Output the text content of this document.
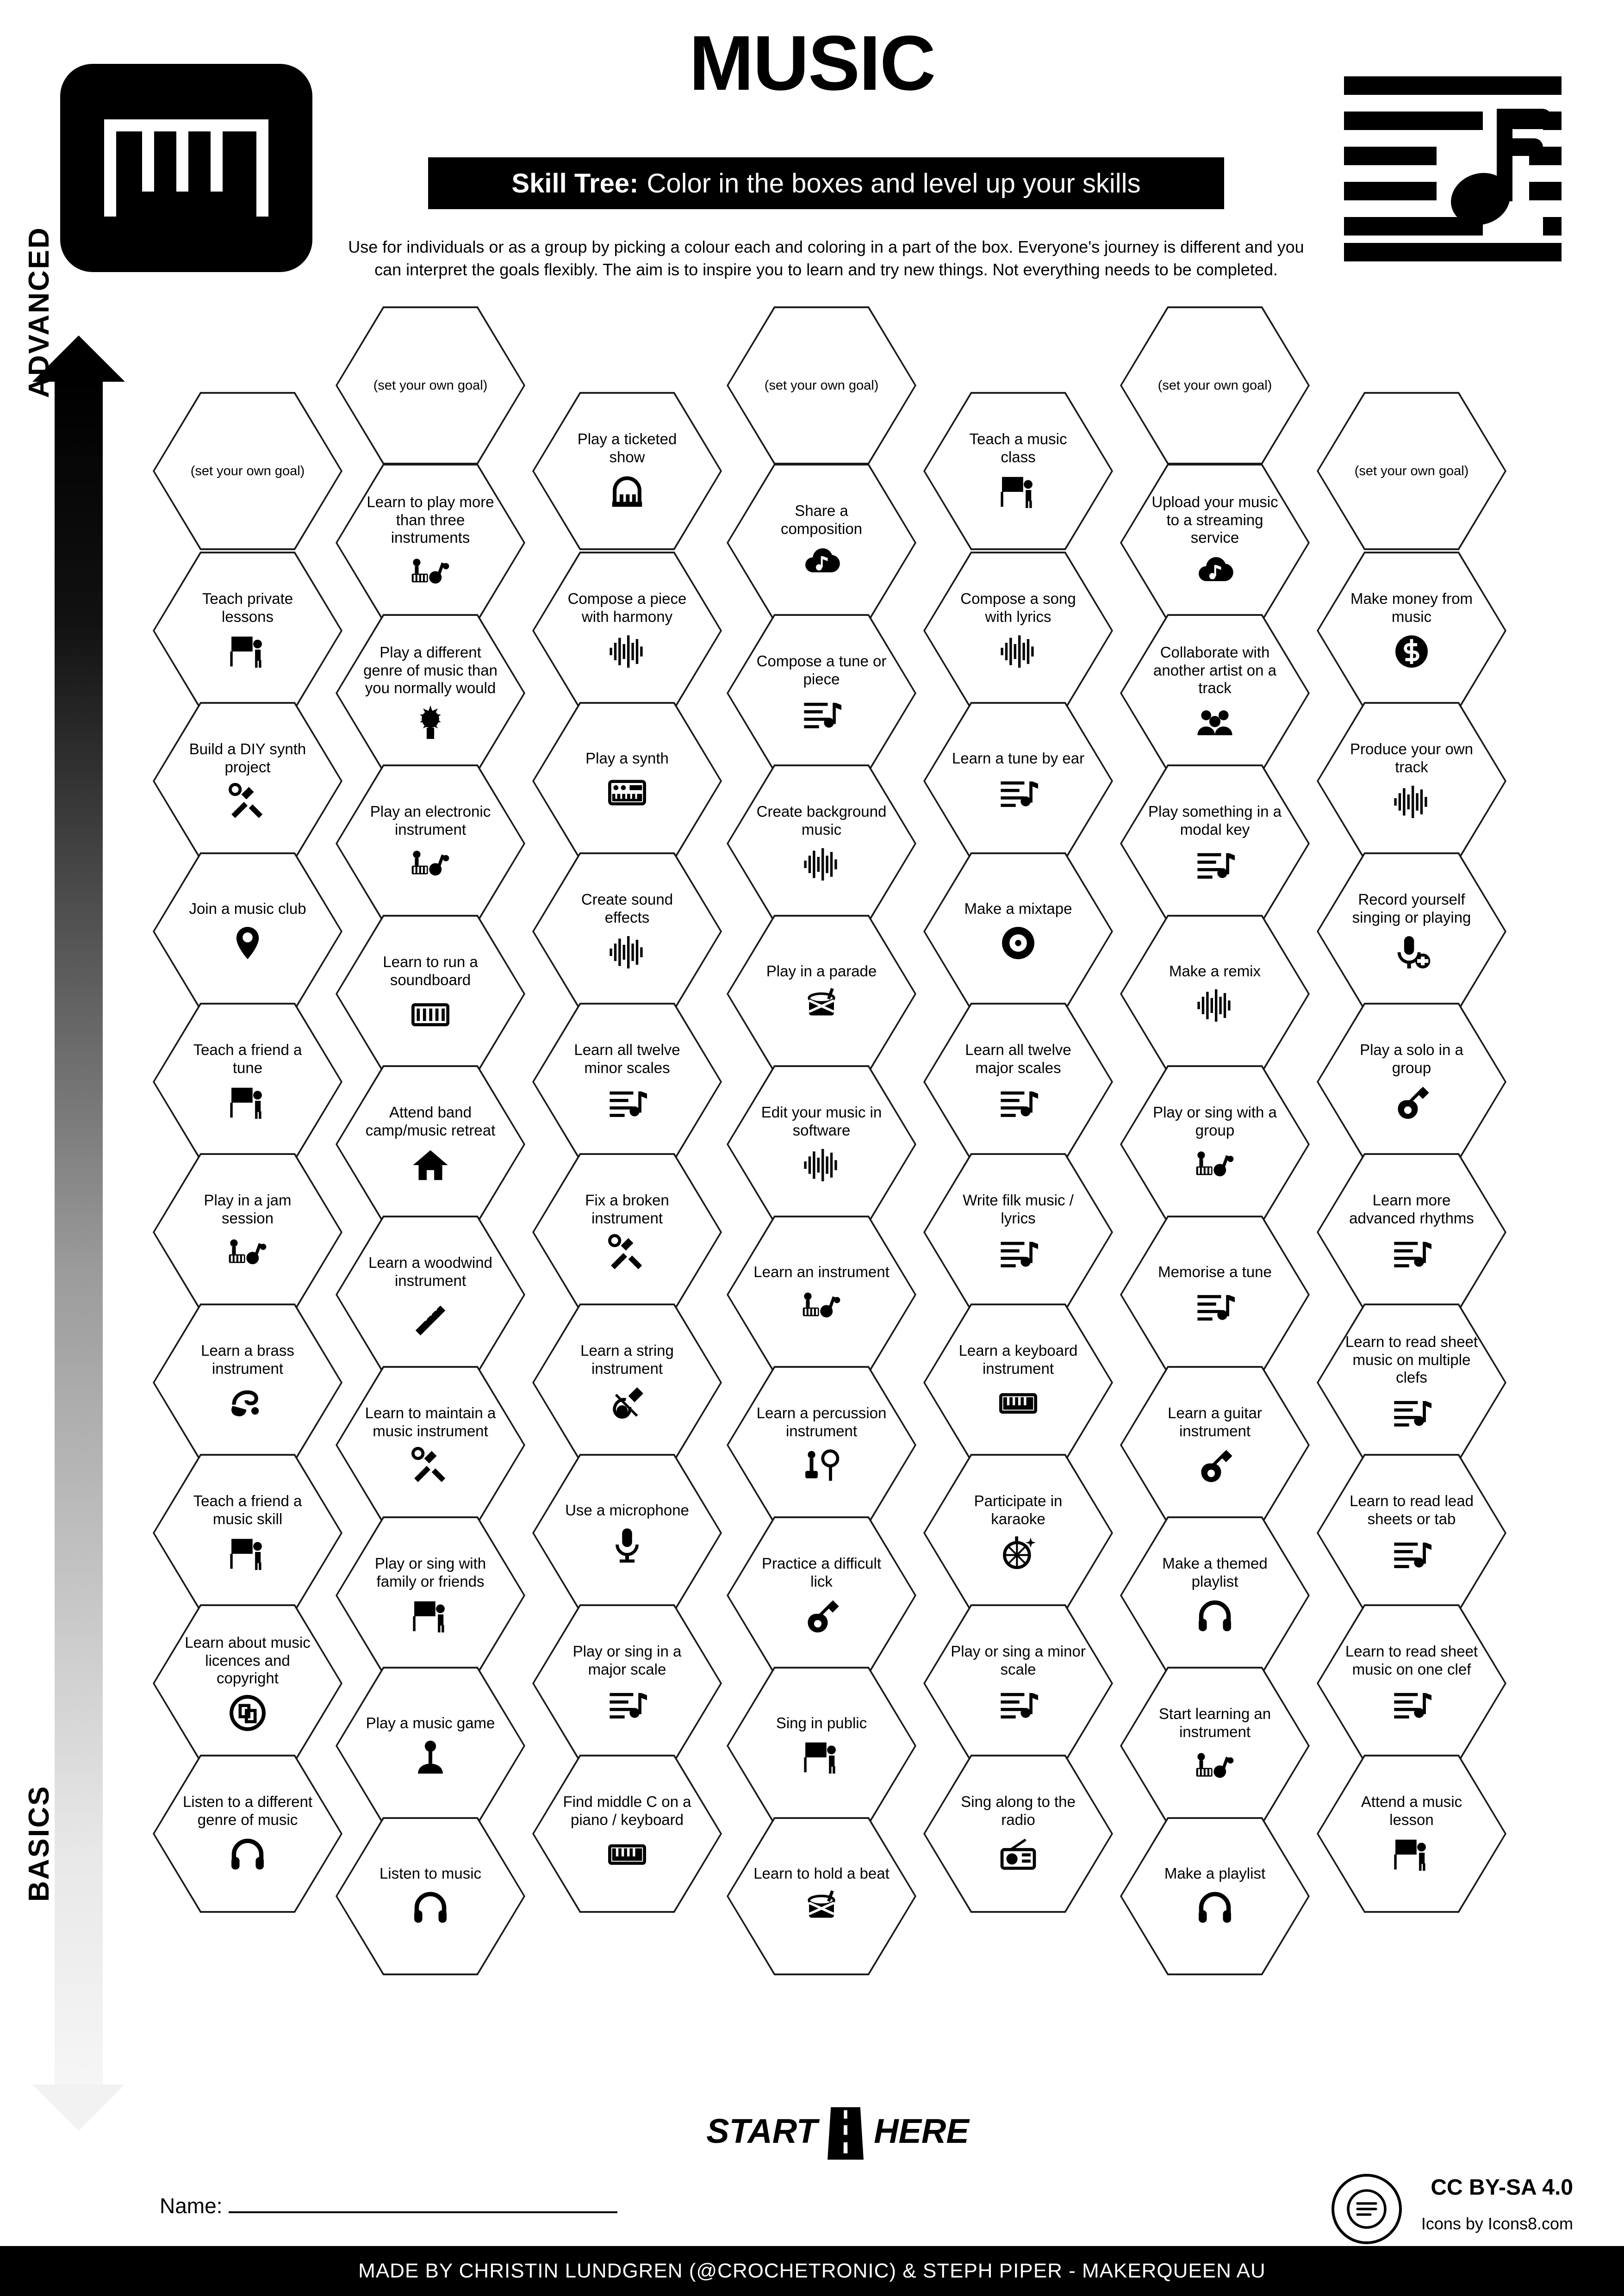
MUSIC
Skill Tree: Color in the boxes and level up your skills
Use for individuals or as a group by picking a colour each and coloring in a part of the box. Everyone's journey is different and you can interpret the goals flexibly. The aim is to inspire you to learn and try new things. Not everything needs to be completed.
ADVANCED
BASICS
(set your own goal)
(set your own goal)	(set your own goal)	(set your own goal)
(set your own goal)
Teach private lessons
Build a DIY synth project
Join a music club
Teach a friend a tune
Play in a jam session
Learn a brass instrument
Teach a friend a music skill
Learn about music licences and copyright
Listen to a different genre of music
Learn to play more than three instruments
Play a different genre of music than you normally would
Play an electronic instrument
Learn to run a soundboard
Attend band camp/music retreat
Learn a woodwind instrument
Learn to maintain a music instrument
Play or sing with family or friends
Play a music game
Listen to music
Play a ticketed show
Compose a piece with harmony
Play a synth
Create sound effects
Learn all twelve minor scales
Fix a broken instrument
Learn a string instrument
Use a microphone
Play or sing in a major scale
Find middle C on a piano / keyboard
Share a composition
Compose a tune or piece
Create background music
Play in a parade
Edit your music in software
Learn an instrument
Learn a percussion instrument
Practice a difficult lick
Sing in public
Learn to hold a beat
Teach a music class
Compose a song with lyrics
Learn a tune by ear
Make a mixtape
Learn all twelve major scales
Write filk music / lyrics
Learn a keyboard instrument
Participate in karaoke
Play or sing a minor scale
Sing along to the radio
Upload your music to a streaming service
Collaborate with another artist on a track
Play something in a modal key
Make a remix
Play or sing with a group
Memorise a tune
Learn a guitar instrument
Make a themed playlist
Start learning an instrument
Make a playlist
Make money from music
Produce your own track
Record yourself singing or playing
Play a solo in a group
Learn more advanced rhythms
Learn to read sheet music on multiple clefs
Learn to read lead sheets or tab
Learn to read sheet music on one clef
Attend a music lesson
START HERE
Name:
CC BY-SA 4.0
Icons by Icons8.com
MADE BY CHRISTIN LUNDGREN (@CROCHETRONIC) & STEPH PIPER - MAKERQUEEN AU
